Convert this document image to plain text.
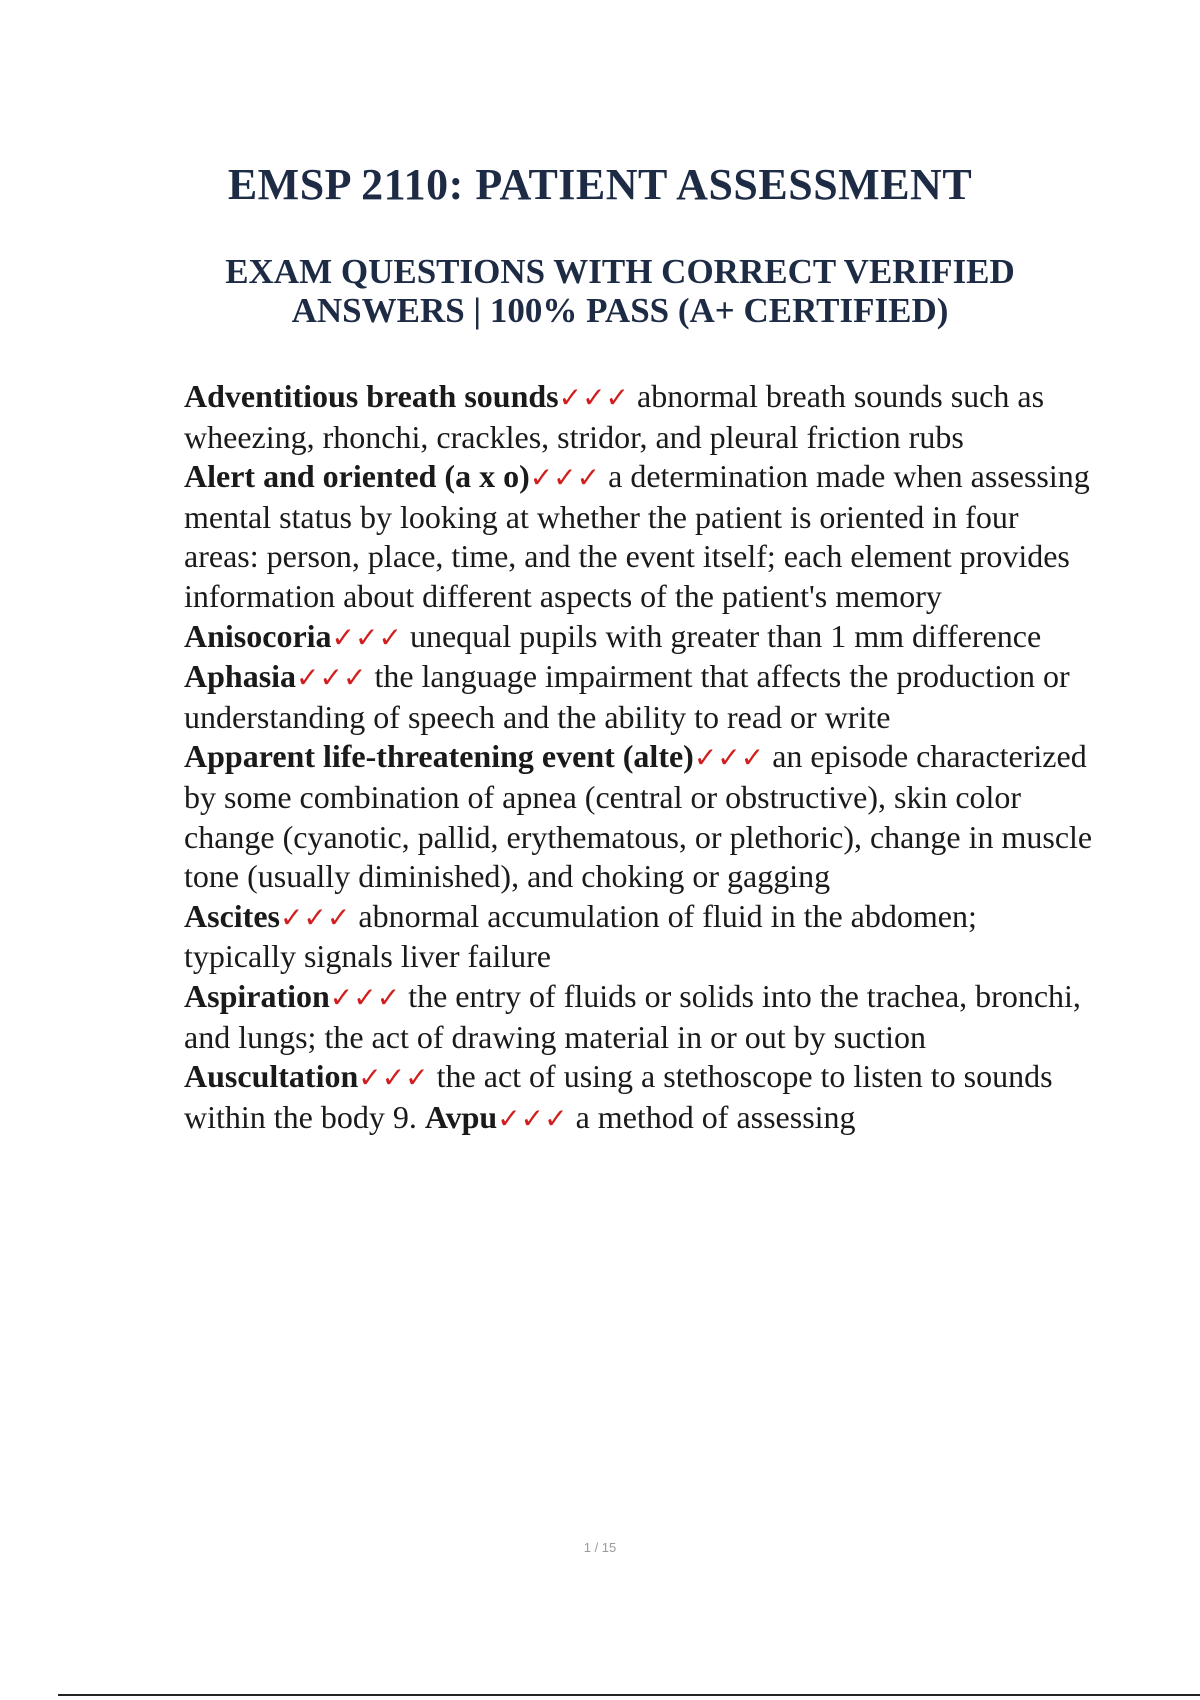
EMSP 2110: PATIENT ASSESSMENT
EXAM QUESTIONS WITH CORRECT VERIFIED ANSWERS | 100% PASS (A+ CERTIFIED)

Adventitious breath sounds✓✓✓ abnormal breath sounds such as wheezing, rhonchi, crackles, stridor, and pleural friction rubs

Alert and oriented (a x o)✓✓✓ a determination made when assessing mental status by looking at whether the patient is oriented in four areas: person, place, time, and the event itself; each element provides information about different aspects of the patient's memory

Anisocoria✓✓✓ unequal pupils with greater than 1 mm difference

Aphasia✓✓✓ the language impairment that affects the production or understanding of speech and the ability to read or write

Apparent life-threatening event (alte)✓✓✓ an episode characterized by some combination of apnea (central or obstructive), skin color change (cyanotic, pallid, erythematous, or plethoric), change in muscle tone (usually diminished), and choking or gagging

Ascites✓✓✓ abnormal accumulation of fluid in the abdomen; typically signals liver failure

Aspiration✓✓✓ the entry of fluids or solids into the trachea, bronchi, and lungs; the act of drawing material in or out by suction

Auscultation✓✓✓ the act of using a stethoscope to listen to sounds within the body 9. Avpu✓✓✓ a method of assessing

1 / 15
